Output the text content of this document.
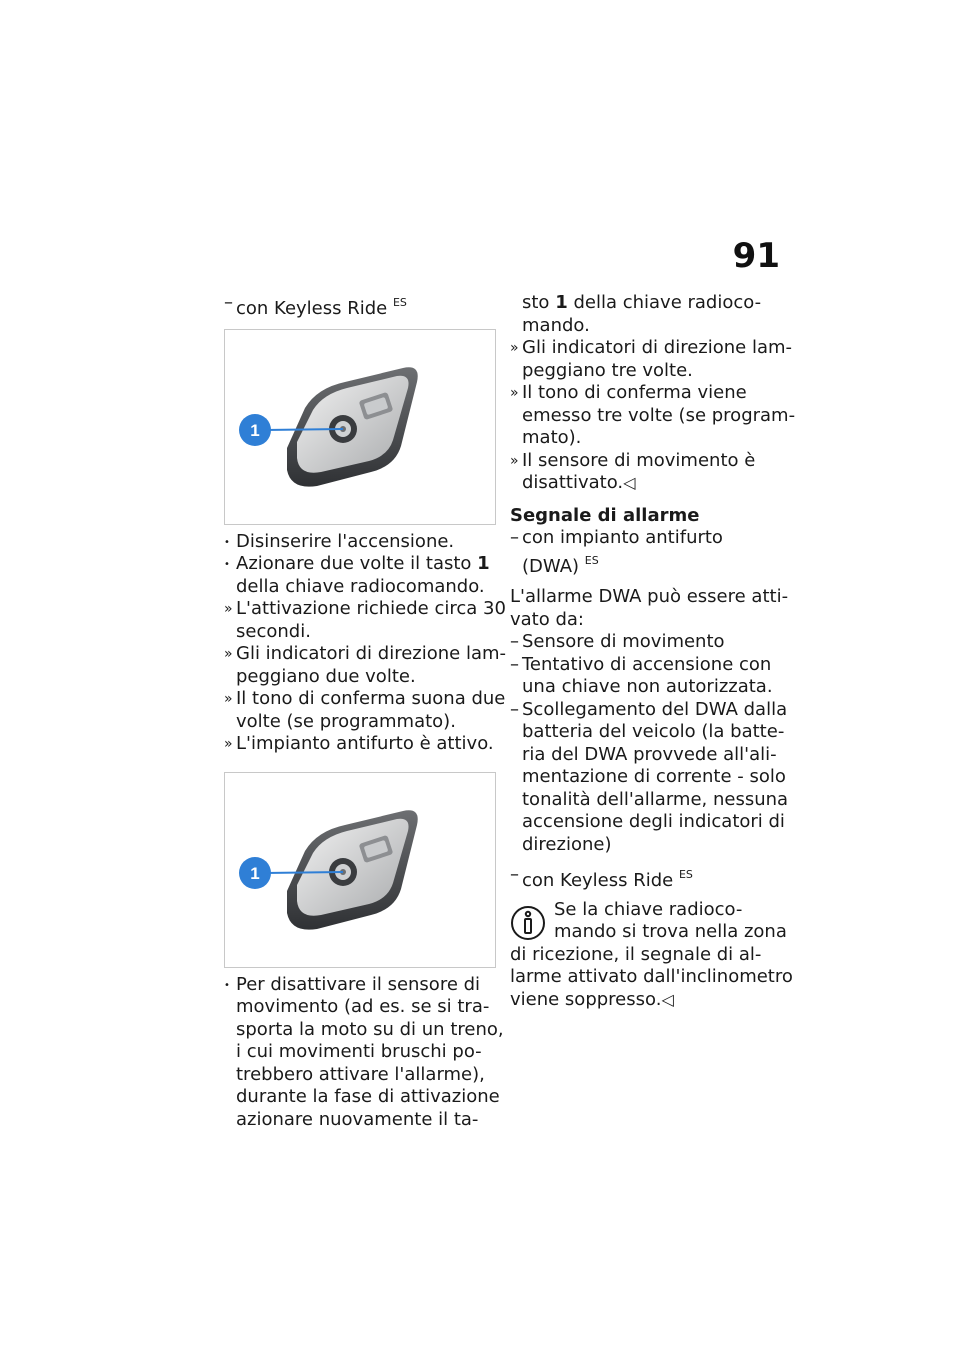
91
– con Keyless Ride $^{ES}$
1
• Disinserire l'accensione.
• Azionare due volte il tasto 1
della chiave radiocomando.
» L'attivazione richiede circa 30
secondi.
» Gli indicatori di direzione lam-
peggiano due volte.
» Il tono di conferma suona due
volte (se programmato).
» L'impianto antifurto è attivo.
1
• Per disattivare il sensore di
movimento (ad es. se si tra-
sporta la moto su di un treno,
i cui movimenti bruschi po-
trebbero attivare l'allarme),
durante la fase di attivazione
azionare nuovamente il ta-
sto 1 della chiave radioco-
mando.
» Gli indicatori di direzione lam-
peggiano tre volte.
» Il tono di conferma viene
emesso tre volte (se program-
mato).
» Il sensore di movimento è
disattivato.◁
Segnale di allarme
– con impianto antifurto
(DWA) $^{ES}$
L'allarme DWA può essere atti-
vato da:
– Sensore di movimento
– Tentativo di accensione con
una chiave non autorizzata.
– Scollegamento del DWA dalla
batteria del veicolo (la batte-
ria del DWA provvede all'ali-
mentazione di corrente - solo
tonalità dell'allarme, nessuna
accensione degli indicatori di
direzione)
– con Keyless Ride $^{ES}$
Se la chiave radioco-
mando si trova nella zona
di ricezione, il segnale di al-
larme attivato dall'inclinometro
viene soppresso.◁
